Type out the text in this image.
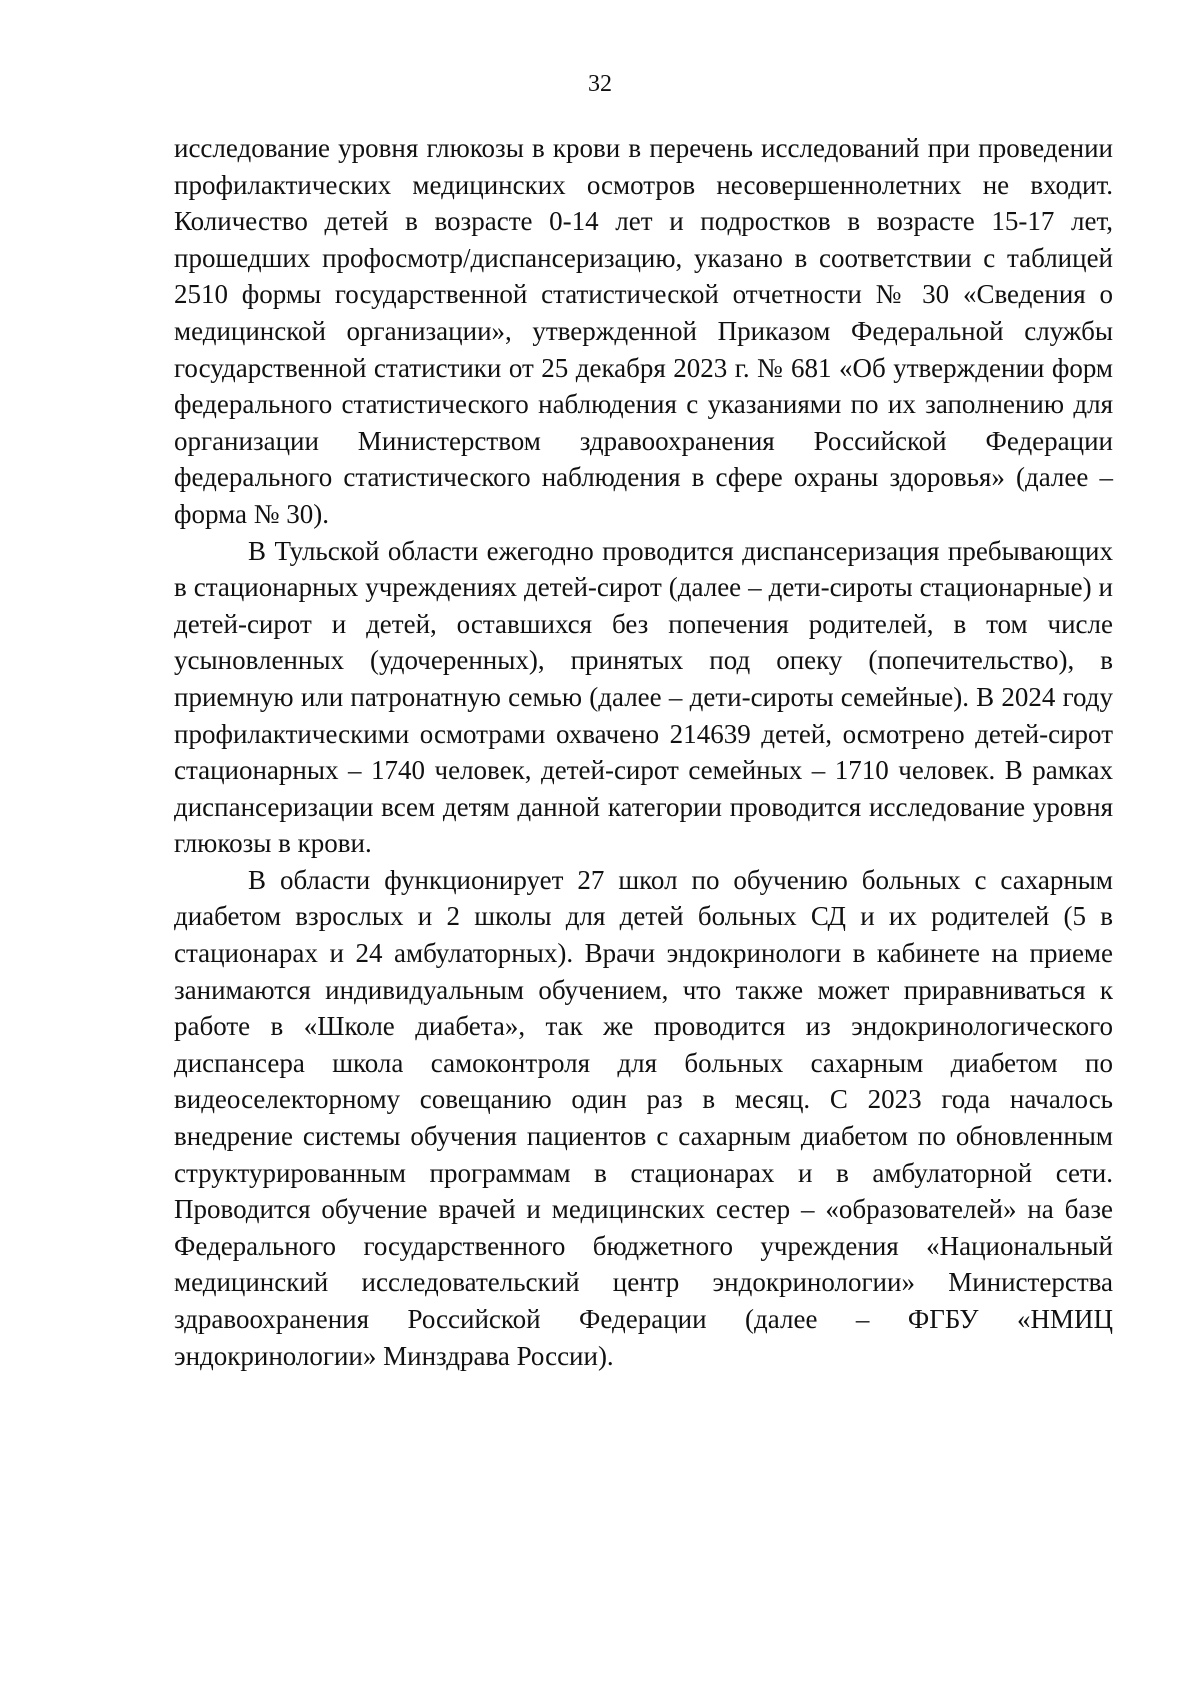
32

исследование уровня глюкозы в крови в перечень исследований при проведении профилактических медицинских осмотров несовершеннолетних не входит. Количество детей в возрасте 0-14 лет и подростков в возрасте 15-17 лет, прошедших профосмотр/диспансеризацию, указано в соответствии с таблицей 2510 формы государственной статистической отчетности № 30 «Сведения о медицинской организации», утвержденной Приказом Федеральной службы государственной статистики от 25 декабря 2023 г. № 681 «Об утверждении форм федерального статистического наблюдения с указаниями по их заполнению для организации Министерством здравоохранения Российской Федерации федерального статистического наблюдения в сфере охраны здоровья» (далее – форма № 30).

В Тульской области ежегодно проводится диспансеризация пребывающих в стационарных учреждениях детей-сирот (далее – дети-сироты стационарные) и детей-сирот и детей, оставшихся без попечения родителей, в том числе усыновленных (удочеренных), принятых под опеку (попечительство), в приемную или патронатную семью (далее – дети-сироты семейные). В 2024 году профилактическими осмотрами охвачено 214639 детей, осмотрено детей-сирот стационарных – 1740 человек, детей-сирот семейных – 1710 человек. В рамках диспансеризации всем детям данной категории проводится исследование уровня глюкозы в крови.

В области функционирует 27 школ по обучению больных с сахарным диабетом взрослых и 2 школы для детей больных СД и их родителей (5 в стационарах и 24 амбулаторных). Врачи эндокринологи в кабинете на приеме занимаются индивидуальным обучением, что также может приравниваться к работе в «Школе диабета», так же проводится из эндокринологического диспансера школа самоконтроля для больных сахарным диабетом по видеоселекторному совещанию один раз в месяц. С 2023 года началось внедрение системы обучения пациентов с сахарным диабетом по обновленным структурированным программам в стационарах и в амбулаторной сети. Проводится обучение врачей и медицинских сестер – «образователей» на базе Федерального государственного бюджетного учреждения «Национальный медицинский исследовательский центр эндокринологии» Министерства здравоохранения Российской Федерации (далее – ФГБУ «НМИЦ эндокринологии» Минздрава России).
